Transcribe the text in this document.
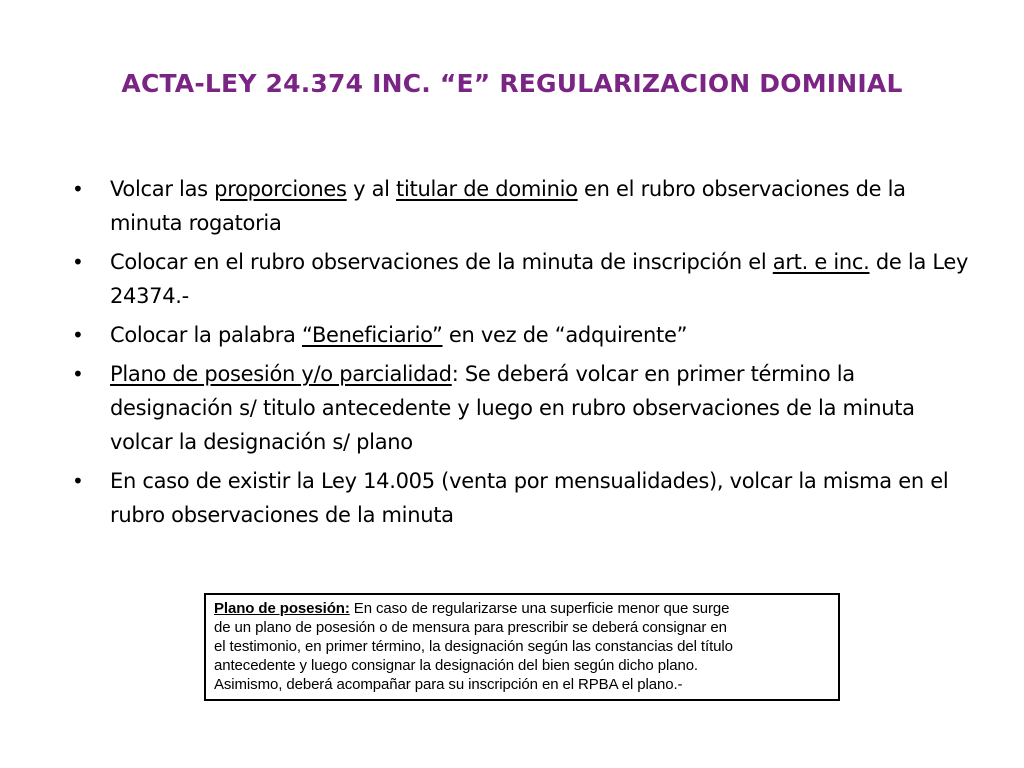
ACTA-LEY 24.374 INC. “E” REGULARIZACION DOMINIAL
•	Volcar las proporciones y al titular de dominio en el rubro observaciones de la minuta rogatoria
•	Colocar en el rubro observaciones de la minuta de inscripción el art. e inc. de la Ley 24374.-
•	Colocar la palabra “Beneficiario” en vez de “adquirente”
•	Plano de posesión y/o parcialidad: Se deberá volcar en primer término la designación s/ titulo antecedente y luego en rubro observaciones de la minuta volcar la designación s/ plano
•	En caso de existir la Ley 14.005 (venta por mensualidades), volcar la misma en el rubro observaciones de la minuta
Plano de posesión: En caso de regularizarse una superficie menor que surge
de un plano de posesión o de mensura para prescribir se deberá consignar en
el testimonio, en primer término, la designación según las constancias del título
antecedente y luego consignar la designación del bien según dicho plano.
Asimismo, deberá acompañar para su inscripción en el RPBA el plano.-
